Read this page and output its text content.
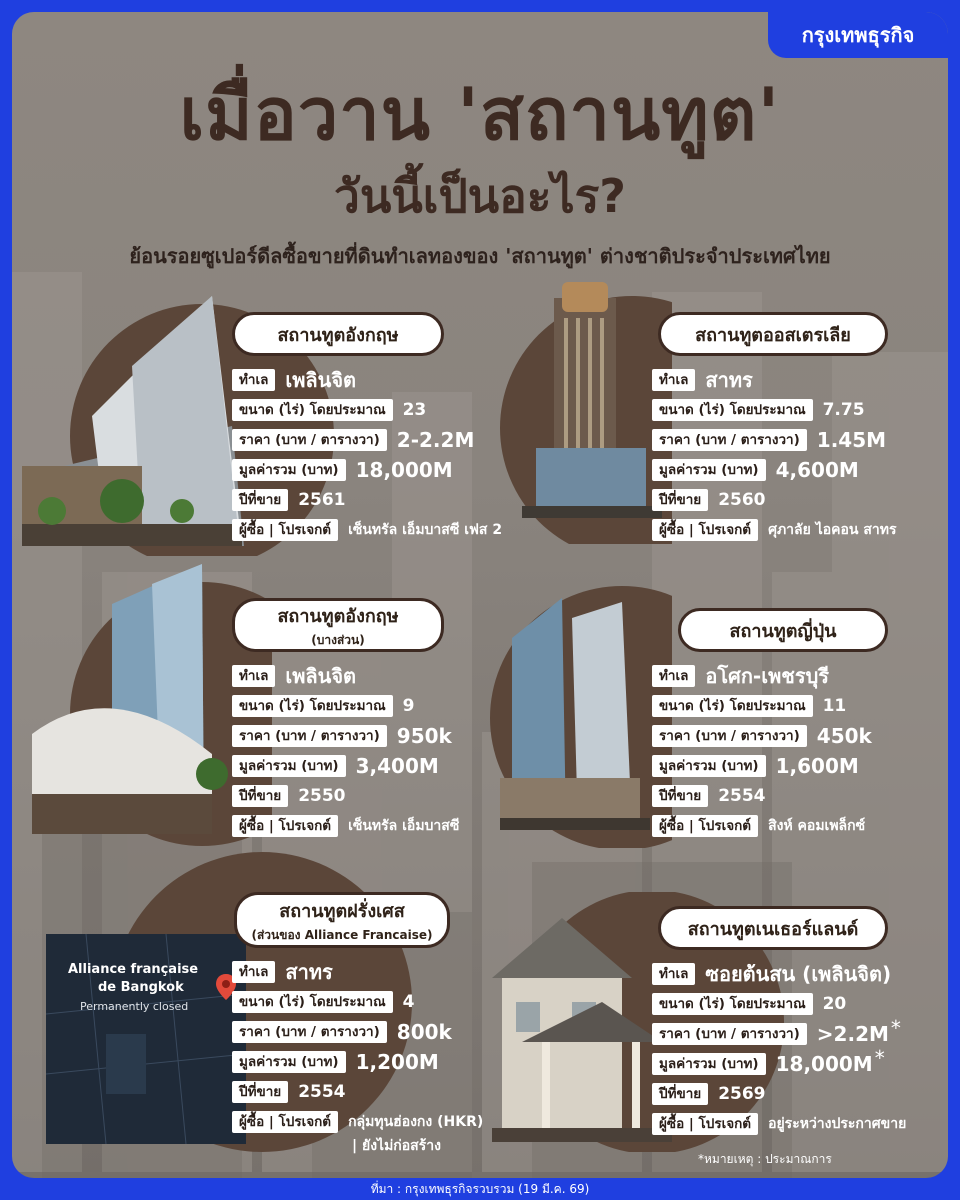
กรุงเทพธุรกิจ
เมื่อวาน 'สถานทูต'
วันนี้เป็นอะไร?
ย้อนรอยซูเปอร์ดีลซื้อขายที่ดินทำเลทองของ 'สถานทูต' ต่างชาติประจำประเทศไทย
สถานทูตอังกฤษ
ทำเล เพลินจิต
ขนาด (ไร่) โดยประมาณ	23
ราคา (บาท / ตารางวา) 2-2.2M
มูลค่ารวม (บาท) 18,000M
ปีที่ขาย	2561
ผู้ซื้อ | โปรเจกต์	เซ็นทรัล เอ็มบาสซี เฟส 2
สถานทูตออสเตรเลีย
ทำเล สาทร
ขนาด (ไร่) โดยประมาณ	7.75
ราคา (บาท / ตารางวา) 1.45M
มูลค่ารวม (บาท) 4,600M
ปีที่ขาย	2560
ผู้ซื้อ | โปรเจกต์	ศุภาลัย ไอคอน สาทร
สถานทูตอังกฤษ
(บางส่วน)
ทำเล เพลินจิต
ขนาด (ไร่) โดยประมาณ	9
ราคา (บาท / ตารางวา) 950k
มูลค่ารวม (บาท) 3,400M
ปีที่ขาย	2550
ผู้ซื้อ | โปรเจกต์	เซ็นทรัล เอ็มบาสซี
สถานทูตญี่ปุ่น
ทำเล อโศก-เพชรบุรี
ขนาด (ไร่) โดยประมาณ	11
ราคา (บาท / ตารางวา) 450k
มูลค่ารวม (บาท) 1,600M
ปีที่ขาย	2554
ผู้ซื้อ | โปรเจกต์	สิงห์ คอมเพล็กซ์
Alliance française
de Bangkok
Permanently closed
สถานทูตฝรั่งเศส
(ส่วนของ Alliance Francaise)
ทำเล สาทร
ขนาด (ไร่) โดยประมาณ	4
ราคา (บาท / ตารางวา) 800k
มูลค่ารวม (บาท) 1,200M
ปีที่ขาย	2554
ผู้ซื้อ | โปรเจกต์	กลุ่มทุนฮ่องกง (HKR)
| ยังไม่ก่อสร้าง
สถานทูตเนเธอร์แลนด์
ทำเล ซอยต้นสน (เพลินจิต)
ขนาด (ไร่) โดยประมาณ	20
ราคา (บาท / ตารางวา) >2.2M *
มูลค่ารวม (บาท) 18,000M *
ปีที่ขาย	2569
ผู้ซื้อ | โปรเจกต์	อยู่ระหว่างประกาศขาย
*หมายเหตุ : ประมาณการ
ที่มา : กรุงเทพธุรกิจรวบรวม (19 มี.ค. 69)
